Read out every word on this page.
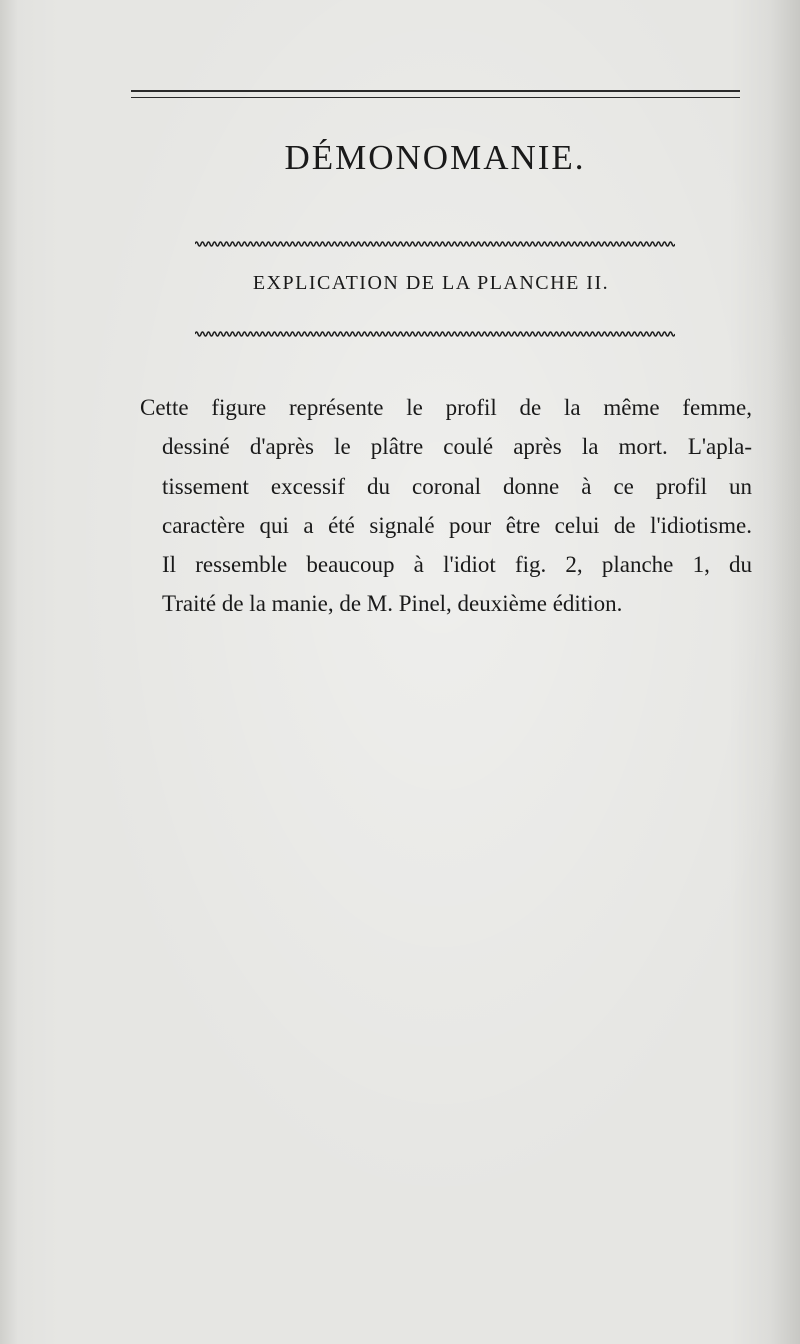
DÉMONOMANIE.
EXPLICATION DE LA PLANCHE II.
Cette figure représente le profil de la même femme,
dessiné d'après le plâtre coulé après la mort. L'apla-
tissement excessif du coronal donne à ce profil un
caractère qui a été signalé pour être celui de l'idiotisme.
Il ressemble beaucoup à l'idiot fig. 2, planche 1, du
Traité de la manie, de M. Pinel, deuxième édition.
